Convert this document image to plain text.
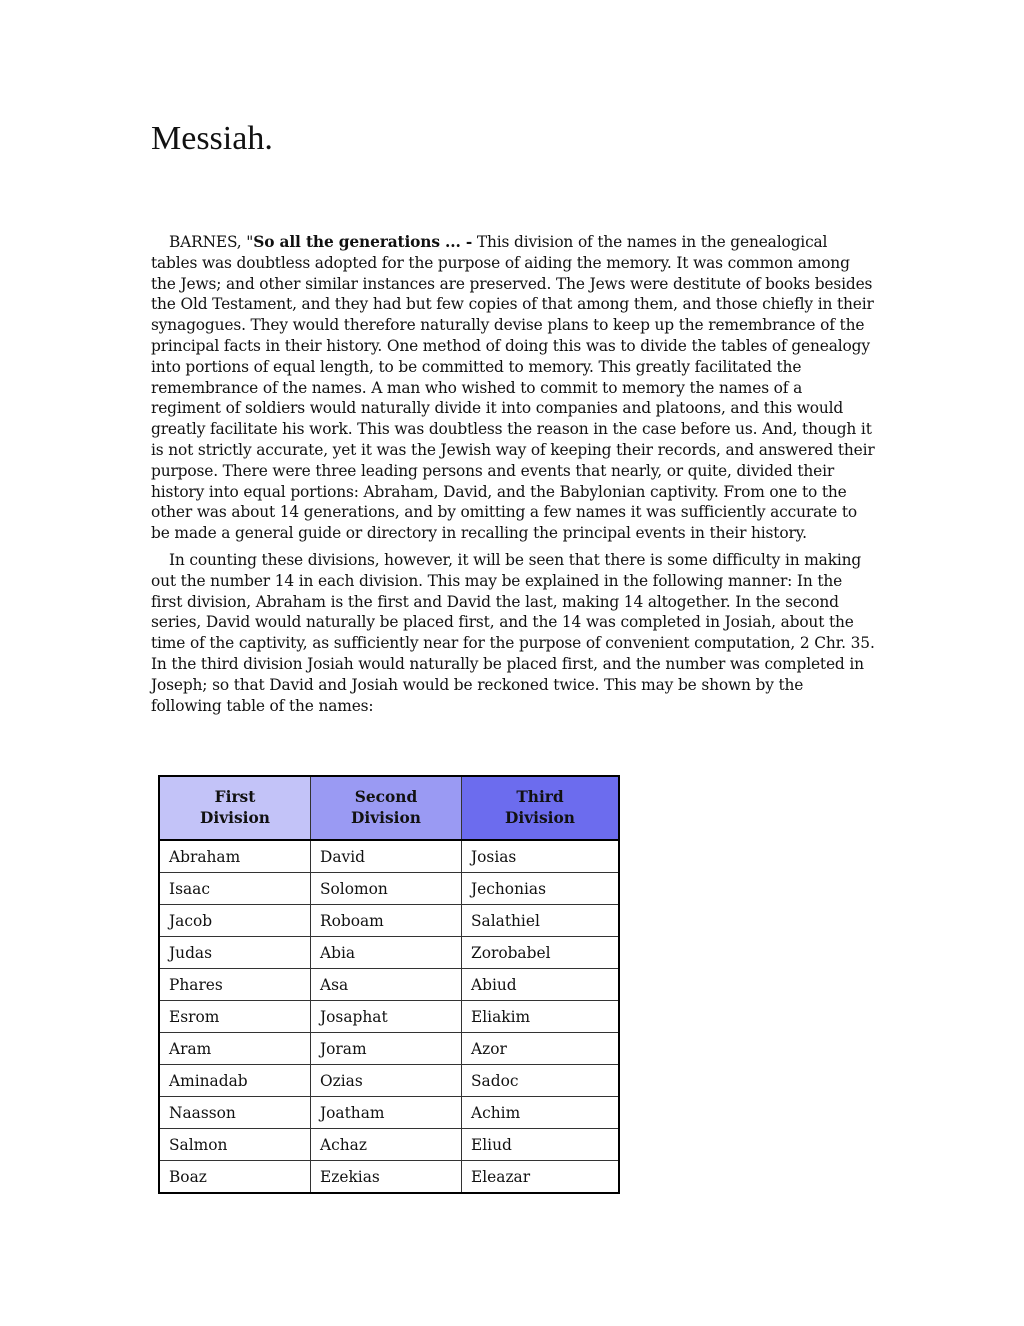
Messiah.

BARNES, "So all the generations ... - This division of the names in the genealogical tables was doubtless adopted for the purpose of aiding the memory. It was common among the Jews; and other similar instances are preserved. The Jews were destitute of books besides the Old Testament, and they had but few copies of that among them, and those chiefly in their synagogues. They would therefore naturally devise plans to keep up the remembrance of the principal facts in their history. One method of doing this was to divide the tables of genealogy into portions of equal length, to be committed to memory. This greatly facilitated the remembrance of the names. A man who wished to commit to memory the names of a regiment of soldiers would naturally divide it into companies and platoons, and this would greatly facilitate his work. This was doubtless the reason in the case before us. And, though it is not strictly accurate, yet it was the Jewish way of keeping their records, and answered their purpose. There were three leading persons and events that nearly, or quite, divided their history into equal portions: Abraham, David, and the Babylonian captivity. From one to the other was about 14 generations, and by omitting a few names it was sufficiently accurate to be made a general guide or directory in recalling the principal events in their history.

In counting these divisions, however, it will be seen that there is some difficulty in making out the number 14 in each division. This may be explained in the following manner: In the first division, Abraham is the first and David the last, making 14 altogether. In the second series, David would naturally be placed first, and the 14 was completed in Josiah, about the time of the captivity, as sufficiently near for the purpose of convenient computation, 2 Chr. 35. In the third division Josiah would naturally be placed first, and the number was completed in Joseph; so that David and Josiah would be reckoned twice. This may be shown by the following table of the names:

First
Division	Second
Division	Third
Division
Abraham	David	Josias
Isaac	Solomon	Jechonias
Jacob	Roboam	Salathiel
Judas	Abia	Zorobabel
Phares	Asa	Abiud
Esrom	Josaphat	Eliakim
Aram	Joram	Azor
Aminadab	Ozias	Sadoc
Naasson	Joatham	Achim
Salmon	Achaz	Eliud
Boaz	Ezekias	Eleazar
